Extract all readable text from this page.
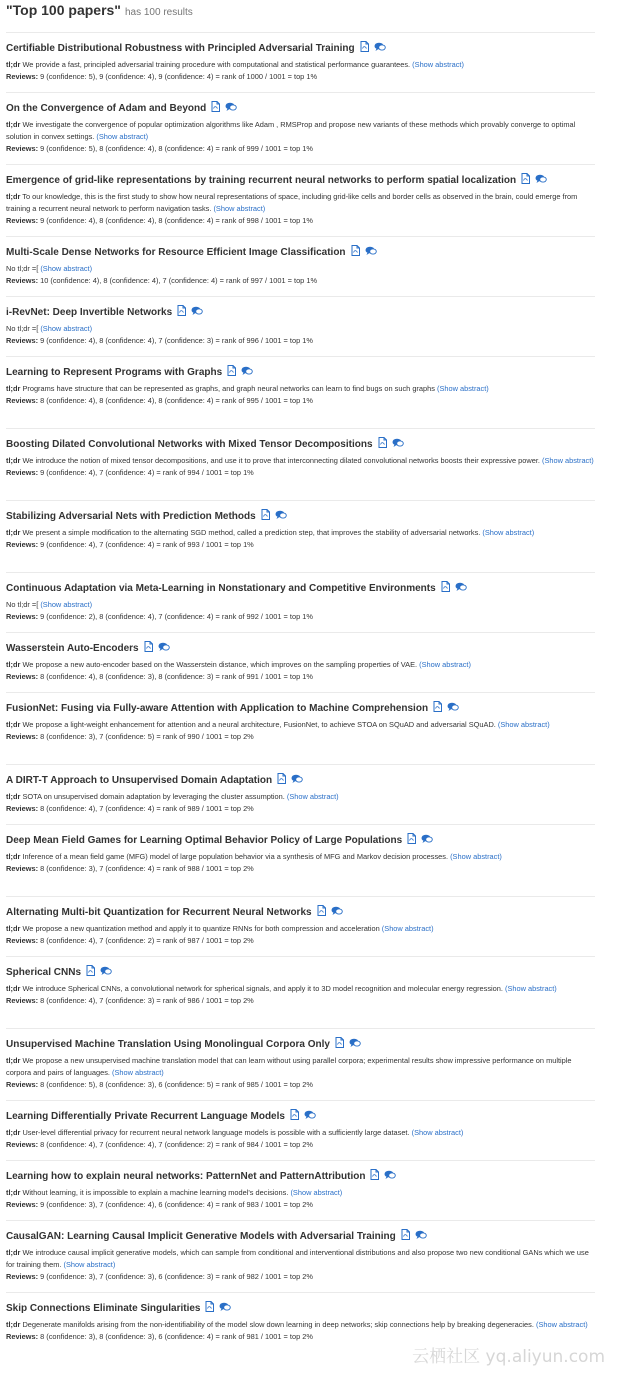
"Top 100 papers" has 100 results
Certifiable Distributional Robustness with Principled Adversarial Training
tl;dr We provide a fast, principled adversarial training procedure with computational and statistical performance guarantees. (Show abstract)
Reviews: 9 (confidence: 5), 9 (confidence: 4), 9 (confidence: 4) = rank of 1000 / 1001 = top 1%
On the Convergence of Adam and Beyond
tl;dr We investigate the convergence of popular optimization algorithms like Adam , RMSProp and propose new variants of these methods which provably converge to optimal solution in convex settings. (Show abstract)
Reviews: 9 (confidence: 5), 8 (confidence: 4), 8 (confidence: 4) = rank of 999 / 1001 = top 1%
Emergence of grid-like representations by training recurrent neural networks to perform spatial localization
tl;dr To our knowledge, this is the first study to show how neural representations of space, including grid-like cells and border cells as observed in the brain, could emerge from training a recurrent neural network to perform navigation tasks. (Show abstract)
Reviews: 9 (confidence: 4), 8 (confidence: 4), 8 (confidence: 4) = rank of 998 / 1001 = top 1%
Multi-Scale Dense Networks for Resource Efficient Image Classification
No tl;dr =[ (Show abstract)
Reviews: 10 (confidence: 4), 8 (confidence: 4), 7 (confidence: 4) = rank of 997 / 1001 = top 1%
i-RevNet: Deep Invertible Networks
No tl;dr =[ (Show abstract)
Reviews: 9 (confidence: 4), 8 (confidence: 4), 7 (confidence: 3) = rank of 996 / 1001 = top 1%
Learning to Represent Programs with Graphs
tl;dr Programs have structure that can be represented as graphs, and graph neural networks can learn to find bugs on such graphs (Show abstract)
Reviews: 8 (confidence: 4), 8 (confidence: 4), 8 (confidence: 4) = rank of 995 / 1001 = top 1%
Boosting Dilated Convolutional Networks with Mixed Tensor Decompositions
tl;dr We introduce the notion of mixed tensor decompositions, and use it to prove that interconnecting dilated convolutional networks boosts their expressive power. (Show abstract)
Reviews: 9 (confidence: 4), 7 (confidence: 4) = rank of 994 / 1001 = top 1%
Stabilizing Adversarial Nets with Prediction Methods
tl;dr We present a simple modification to the alternating SGD method, called a prediction step, that improves the stability of adversarial networks. (Show abstract)
Reviews: 9 (confidence: 4), 7 (confidence: 4) = rank of 993 / 1001 = top 1%
Continuous Adaptation via Meta-Learning in Nonstationary and Competitive Environments
No tl;dr =[ (Show abstract)
Reviews: 9 (confidence: 2), 8 (confidence: 4), 7 (confidence: 4) = rank of 992 / 1001 = top 1%
Wasserstein Auto-Encoders
tl;dr We propose a new auto-encoder based on the Wasserstein distance, which improves on the sampling properties of VAE. (Show abstract)
Reviews: 8 (confidence: 4), 8 (confidence: 3), 8 (confidence: 3) = rank of 991 / 1001 = top 1%
FusionNet: Fusing via Fully-aware Attention with Application to Machine Comprehension
tl;dr We propose a light-weight enhancement for attention and a neural architecture, FusionNet, to achieve STOA on SQuAD and adversarial SQuAD. (Show abstract)
Reviews: 8 (confidence: 3), 7 (confidence: 5) = rank of 990 / 1001 = top 2%
A DIRT-T Approach to Unsupervised Domain Adaptation
tl;dr SOTA on unsupervised domain adaptation by leveraging the cluster assumption. (Show abstract)
Reviews: 8 (confidence: 4), 7 (confidence: 4) = rank of 989 / 1001 = top 2%
Deep Mean Field Games for Learning Optimal Behavior Policy of Large Populations
tl;dr Inference of a mean field game (MFG) model of large population behavior via a synthesis of MFG and Markov decision processes. (Show abstract)
Reviews: 8 (confidence: 3), 7 (confidence: 4) = rank of 988 / 1001 = top 2%
Alternating Multi-bit Quantization for Recurrent Neural Networks
tl;dr We propose a new quantization method and apply it to quantize RNNs for both compression and acceleration (Show abstract)
Reviews: 8 (confidence: 4), 7 (confidence: 2) = rank of 987 / 1001 = top 2%
Spherical CNNs
tl;dr We introduce Spherical CNNs, a convolutional network for spherical signals, and apply it to 3D model recognition and molecular energy regression. (Show abstract)
Reviews: 8 (confidence: 4), 7 (confidence: 3) = rank of 986 / 1001 = top 2%
Unsupervised Machine Translation Using Monolingual Corpora Only
tl;dr We propose a new unsupervised machine translation model that can learn without using parallel corpora; experimental results show impressive performance on multiple corpora and pairs of languages. (Show abstract)
Reviews: 8 (confidence: 5), 8 (confidence: 3), 6 (confidence: 5) = rank of 985 / 1001 = top 2%
Learning Differentially Private Recurrent Language Models
tl;dr User-level differential privacy for recurrent neural network language models is possible with a sufficiently large dataset. (Show abstract)
Reviews: 8 (confidence: 4), 7 (confidence: 4), 7 (confidence: 2) = rank of 984 / 1001 = top 2%
Learning how to explain neural networks: PatternNet and PatternAttribution
tl;dr Without learning, it is impossible to explain a machine learning model's decisions. (Show abstract)
Reviews: 9 (confidence: 3), 7 (confidence: 4), 6 (confidence: 4) = rank of 983 / 1001 = top 2%
CausalGAN: Learning Causal Implicit Generative Models with Adversarial Training
tl;dr We introduce causal implicit generative models, which can sample from conditional and interventional distributions and also propose two new conditional GANs which we use for training them. (Show abstract)
Reviews: 9 (confidence: 3), 7 (confidence: 3), 6 (confidence: 3) = rank of 982 / 1001 = top 2%
Skip Connections Eliminate Singularities
tl;dr Degenerate manifolds arising from the non-identifiability of the model slow down learning in deep networks; skip connections help by breaking degeneracies. (Show abstract)
Reviews: 8 (confidence: 3), 8 (confidence: 3), 6 (confidence: 4) = rank of 981 / 1001 = top 2%
云栖社区 yq.aliyun.com
